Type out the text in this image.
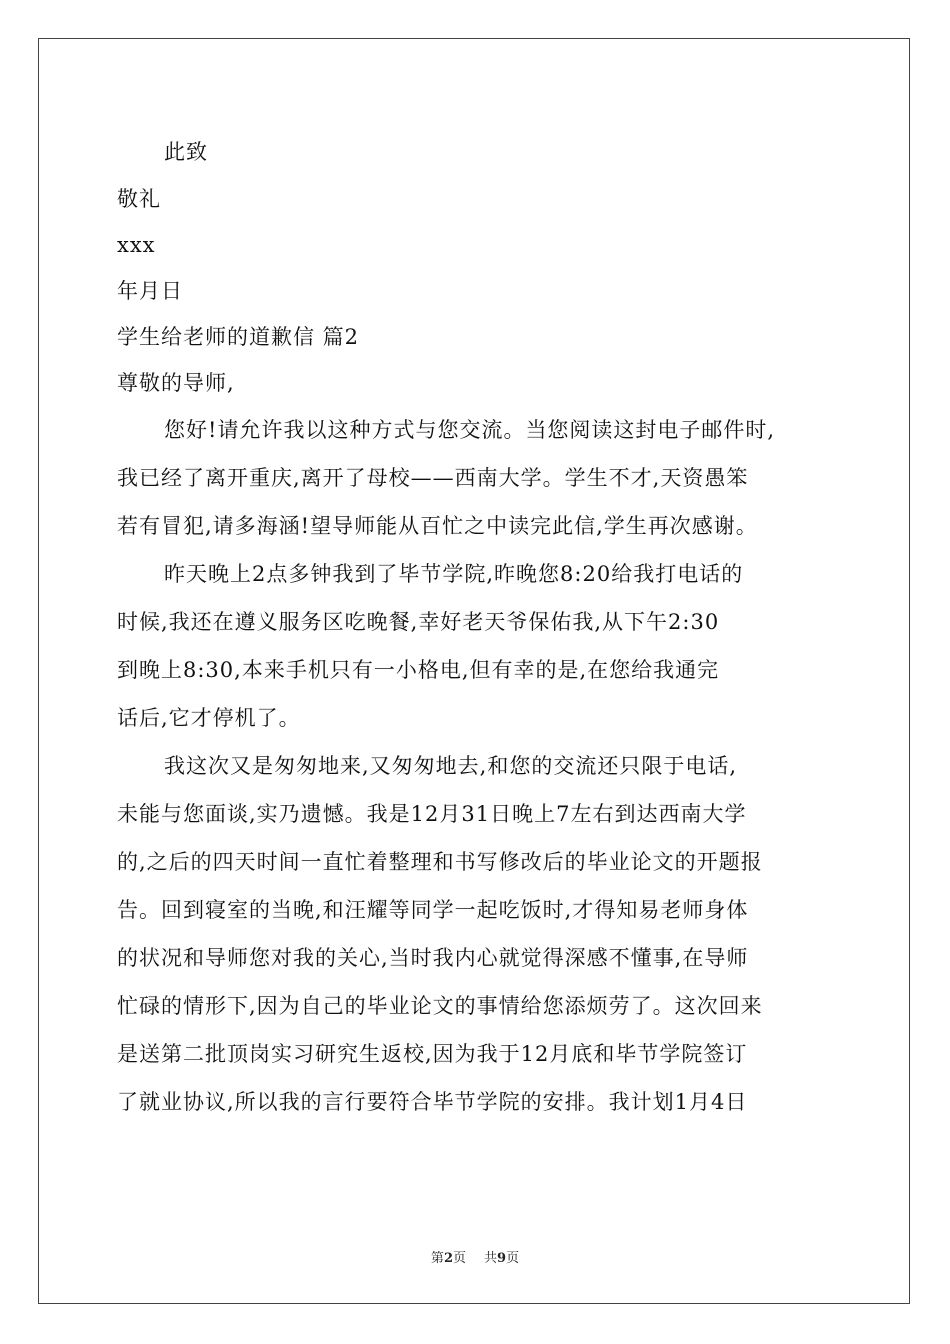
此致
敬礼
xxx
年月日
学生给老师的道歉信 篇2
尊敬的导师,
您好!请允许我以这种方式与您交流。当您阅读这封电子邮件时,
我已经了离开重庆,离开了母校——西南大学。学生不才,天资愚笨
若有冒犯,请多海涵!望导师能从百忙之中读完此信,学生再次感谢。
昨天晚上2点多钟我到了毕节学院,昨晚您8:20给我打电话的
时候,我还在遵义服务区吃晚餐,幸好老天爷保佑我,从下午2:30
到晚上8:30,本来手机只有一小格电,但有幸的是,在您给我通完
话后,它才停机了。
我这次又是匆匆地来,又匆匆地去,和您的交流还只限于电话,
未能与您面谈,实乃遗憾。我是12月31日晚上7左右到达西南大学
的,之后的四天时间一直忙着整理和书写修改后的毕业论文的开题报
告。回到寝室的当晚,和汪耀等同学一起吃饭时,才得知易老师身体
的状况和导师您对我的关心,当时我内心就觉得深感不懂事,在导师
忙碌的情形下,因为自己的毕业论文的事情给您添烦劳了。这次回来
是送第二批顶岗实习研究生返校,因为我于12月底和毕节学院签订
了就业协议,所以我的言行要符合毕节学院的安排。我计划1月4日
第2页 共9页
